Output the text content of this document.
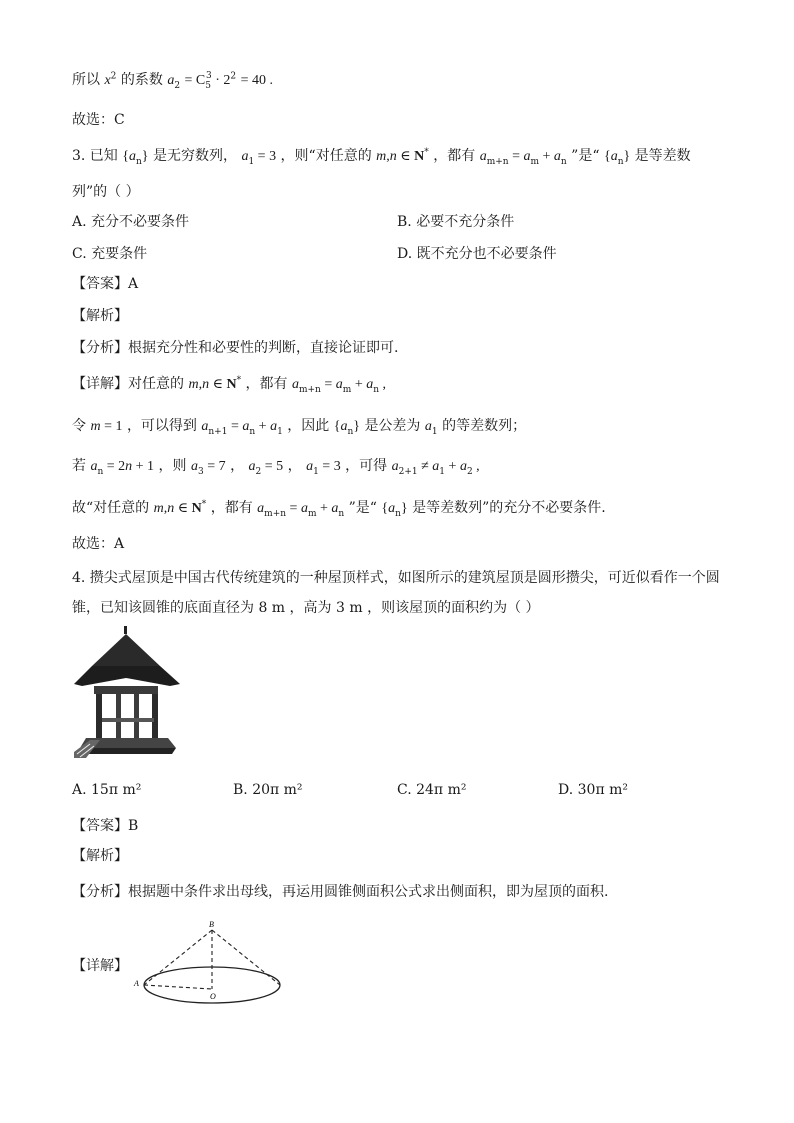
所以 $x^2$ 的系数 $a_2 = C_5^3 \cdot 2^2 = 40$ .
故选：C
3. 已知 $\{a_n\}$ 是无穷数列， $a_1 = 3$ ，则“对任意的 m,n ∈ N* ，都有 $a_{m+n} = a_m + a_n$ ”是“ $\{a_n\}$ 是等差数
列”的（ ）
A. 充分不必要条件	B. 必要不充分条件
C. 充要条件	D. 既不充分也不必要条件
【答案】A
【解析】
【分析】根据充分性和必要性的判断，直接论证即可.
【详解】对任意的 m,n ∈ N* ，都有 $a_{m+n} = a_m + a_n$ ,
令 m = 1 ，可以得到 $a_{n+1} = a_n + a_1$ ，因此 $\{a_n\}$ 是公差为 $a_1$ 的等差数列；
若 $a_n = 2n + 1$ ，则 $a_3 = 7$ ， $a_2 = 5$ ， $a_1 = 3$ ，可得 $a_{2+1} \ne a_1 + a_2$ ,
故“对任意的 m,n ∈ N* ，都有 $a_{m+n} = a_m + a_n$ ”是“ $\{a_n\}$ 是等差数列”的充分不必要条件.
故选：A
4. 攒尖式屋顶是中国古代传统建筑的一种屋顶样式，如图所示的建筑屋顶是圆形攒尖，可近似看作一个圆
锥，已知该圆锥的底面直径为 8 m ，高为 3 m ，则该屋顶的面积约为（ ）
A. 15π m²	B. 20π m²	C. 24π m²	D. 30π m²
【答案】B
【解析】
【分析】根据题中条件求出母线，再运用圆锥侧面积公式求出侧面积，即为屋顶的面积.
【详解】
B
A
O
